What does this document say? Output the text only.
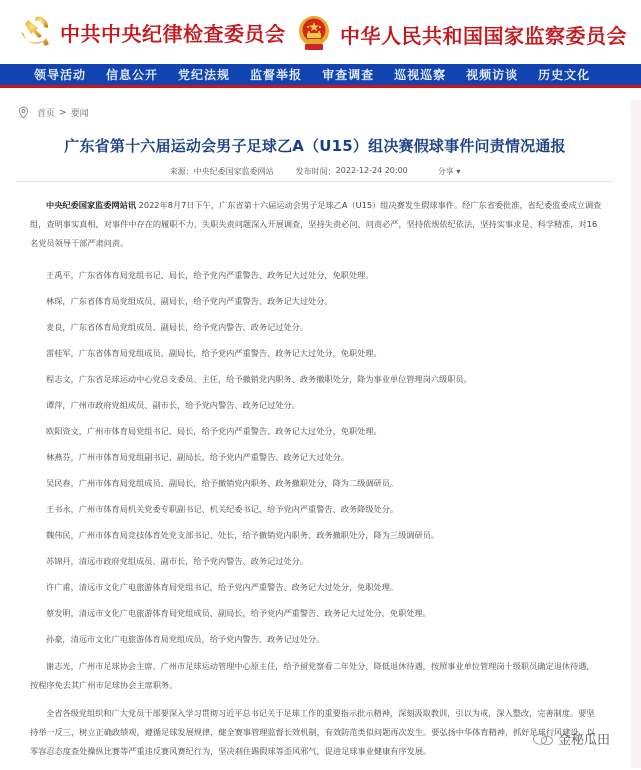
中共中央纪律检查委员会	中华人民共和国国家监察委员会
领导活动 信息公开 党纪法规 监督举报 审查调查 巡视巡察 视频访谈 历史文化
首页 > 要闻
广东省第十六届运动会男子足球乙A（U15）组决赛假球事件问责情况通报
来源： 中央纪委国家监委网站	发布时间： 2022-12-24 20:00	分享 ▾

中央纪委国家监委网站讯 2022年8月7日下午，广东省第十六届运动会男子足球乙A（U15）组决赛发生假球事件。经广东省委批准，省纪委监委成立调查组，查明事实真相，对事件中存在的履职不力、失职失责问题深入开展调查，坚持失责必问、问责必严，坚持依规依纪依法，坚持实事求是、科学精准，对16名党员领导干部严肃问责。

王禹平，广东省体育局党组书记、局长，给予党内严重警告、政务记大过处分，免职处理。

林琛，广东省体育局党组成员、副局长，给予党内严重警告、政务记大过处分。

麦良，广东省体育局党组成员、副局长，给予党内警告、政务记过处分。

雷桂军，广东省体育局党组成员、副局长，给予党内严重警告、政务记大过处分，免职处理。

程志文，广东省足球运动中心党总支委员、主任，给予撤销党内职务、政务撤职处分，降为事业单位管理岗六级职员。

谭萍，广州市政府党组成员、副市长，给予党内警告、政务记过处分。

欧阳资文，广州市体育局党组书记、局长，给予党内严重警告、政务记大过处分，免职处理。

林燕芬，广州市体育局党组副书记、副局长，给予党内严重警告、政务记大过处分。

吴民春，广州市体育局党组成员、副局长，给予撤销党内职务、政务撤职处分，降为二级调研员。

王书永，广州市体育局机关党委专职副书记、机关纪委书记，给予党内严重警告、政务降级处分。

魏伟民，广州市体育局竞技体育处党支部书记、处长，给予撤销党内职务、政务撤职处分，降为三级调研员。

苏锦丹，清远市政府党组成员、副市长，给予党内警告、政务记过处分。

许广甫，清远市文化广电旅游体育局党组书记，给予党内严重警告、政务记大过处分，免职处理。

蔡发明，清远市文化广电旅游体育局党组成员、副局长，给予党内严重警告、政务记大过处分，免职处理。

孙豪，清远市文化广电旅游体育局党组成员，给予党内警告、政务记过处分。

谢志光，广州市足球协会主席、广州市足球运动管理中心原主任，给予留党察看二年处分，降低退休待遇，按照事业单位管理岗十级职员确定退休待遇，按程序免去其广州市足球协会主席职务。

全省各级党组织和广大党员干部要深入学习贯彻习近平总书记关于足球工作的重要指示批示精神，深刻汲取教训，引以为戒，深入整改，完善制度。要坚持举一反三，树立正确政绩观，遵循足球发展规律，健全赛事管理监督长效机制，有效防范类似问题再次发生。要弘扬中华体育精神，抓好足球行风建设，以零容忍态度查处操纵比赛等严重违反赛风赛纪行为，坚决刹住踢假球等歪风邪气，促进足球事业健康有序发展。

金秘瓜田
